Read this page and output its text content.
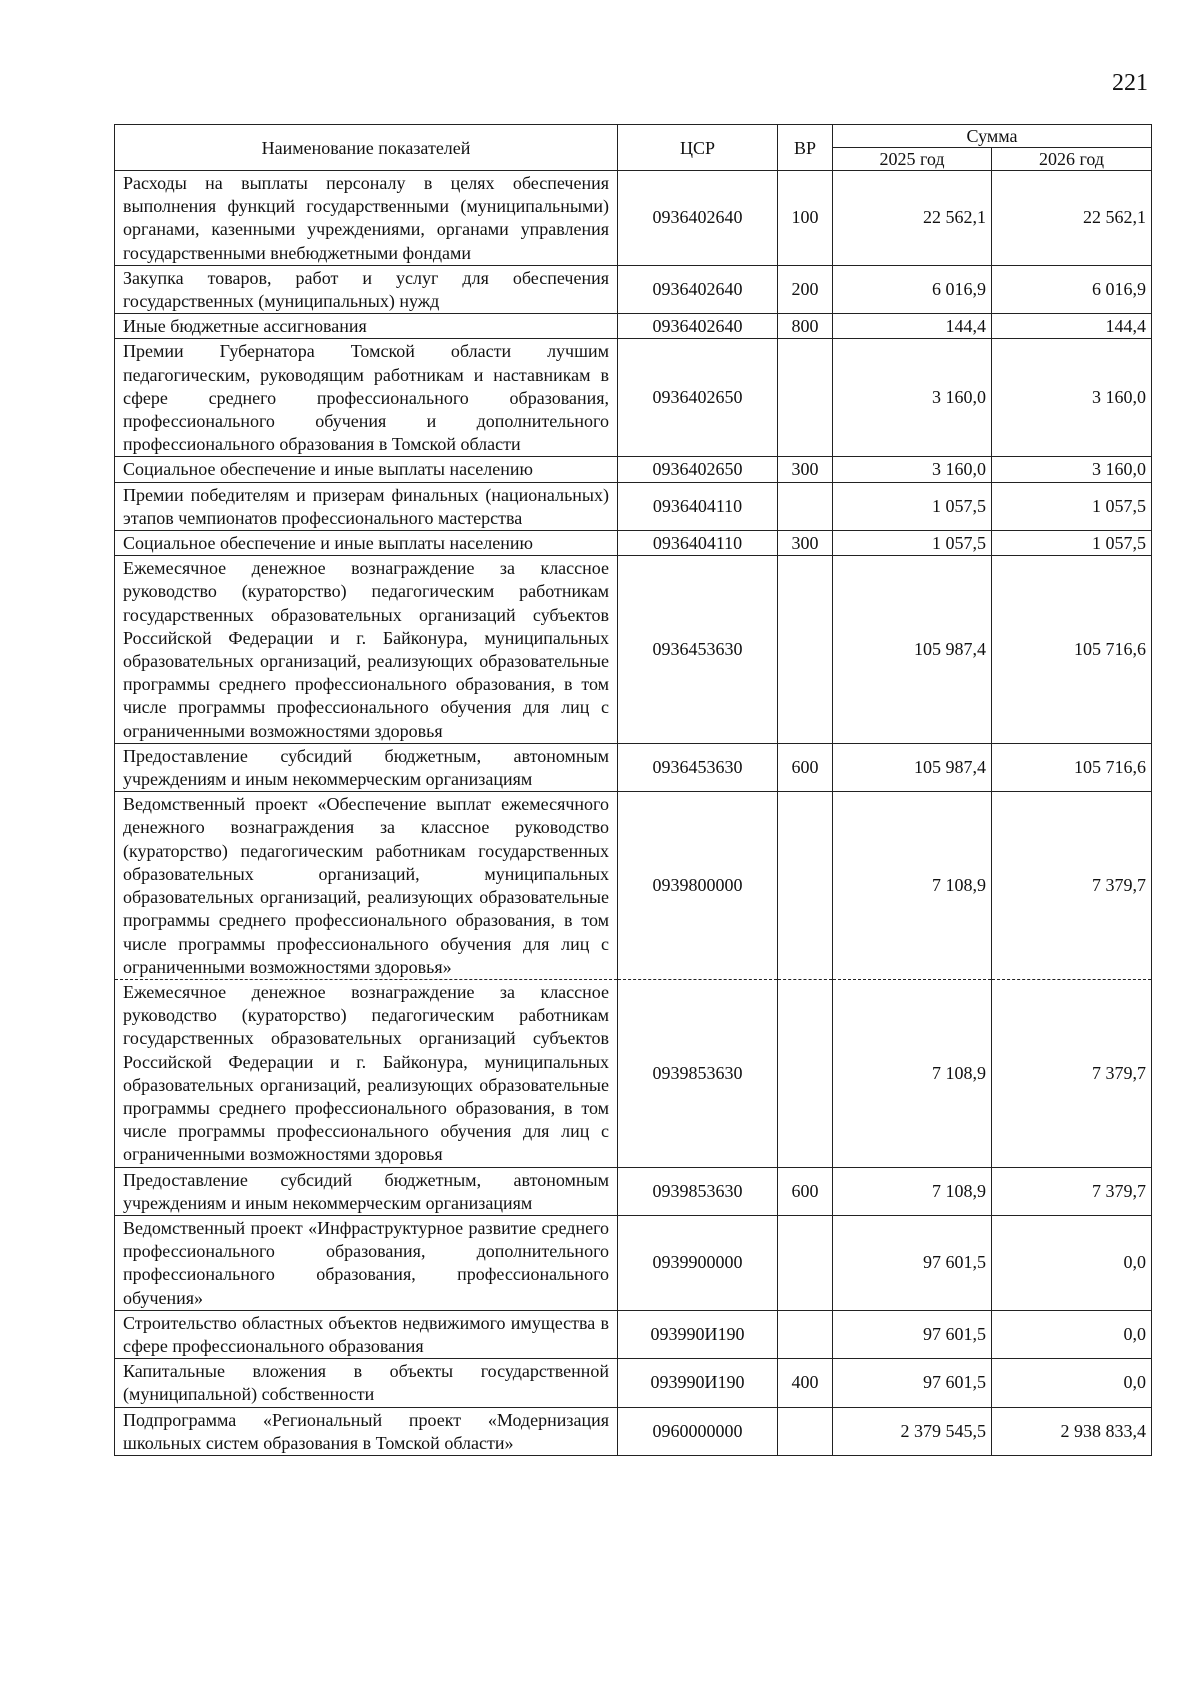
221
Наименование показателей	ЦСР	ВР	Сумма	
			2025 год	2026 год
Расходы на выплаты персоналу в целях обеспечения выполнения функций государственными (муниципальными) органами, казенными учреждениями, органами управления государственными внебюджетными фондами	0936402640	100	22 562,1	22 562,1
Закупка товаров, работ и услуг для обеспечения государственных (муниципальных) нужд	0936402640	200	6 016,9	6 016,9
Иные бюджетные ассигнования	0936402640	800	144,4	144,4
Премии Губернатора Томской области лучшим педагогическим, руководящим работникам и наставникам в сфере среднего профессионального образования, профессионального обучения и дополнительного профессионального образования в Томской области	0936402650		3 160,0	3 160,0
Социальное обеспечение и иные выплаты населению	0936402650	300	3 160,0	3 160,0
Премии победителям и призерам финальных (национальных) этапов чемпионатов профессионального мастерства	0936404110		1 057,5	1 057,5
Социальное обеспечение и иные выплаты населению	0936404110	300	1 057,5	1 057,5
Ежемесячное денежное вознаграждение за классное руководство (кураторство) педагогическим работникам государственных образовательных организаций субъектов Российской Федерации и г. Байконура, муниципальных образовательных организаций, реализующих образовательные программы среднего профессионального образования, в том числе программы профессионального обучения для лиц с ограниченными возможностями здоровья	0936453630		105 987,4	105 716,6
Предоставление субсидий бюджетным, автономным учреждениям и иным некоммерческим организациям	0936453630	600	105 987,4	105 716,6
Ведомственный проект «Обеспечение выплат ежемесячного денежного вознаграждения за классное руководство (кураторство) педагогическим работникам государственных образовательных организаций, муниципальных образовательных организаций, реализующих образовательные программы среднего профессионального образования, в том числе программы профессионального обучения для лиц с ограниченными возможностями здоровья»	0939800000		7 108,9	7 379,7
Ежемесячное денежное вознаграждение за классное руководство (кураторство) педагогическим работникам государственных образовательных организаций субъектов Российской Федерации и г. Байконура, муниципальных образовательных организаций, реализующих образовательные программы среднего профессионального образования, в том числе программы профессионального обучения для лиц с ограниченными возможностями здоровья	0939853630		7 108,9	7 379,7
Предоставление субсидий бюджетным, автономным учреждениям и иным некоммерческим организациям	0939853630	600	7 108,9	7 379,7
Ведомственный проект «Инфраструктурное развитие среднего профессионального образования, дополнительного профессионального образования, профессионального обучения»	0939900000		97 601,5	0,0
Строительство областных объектов недвижимого имущества в сфере профессионального образования	093990И190		97 601,5	0,0
Капитальные вложения в объекты государственной (муниципальной) собственности	093990И190	400	97 601,5	0,0
Подпрограмма «Региональный проект «Модернизация школьных систем образования в Томской области»	0960000000		2 379 545,5	2 938 833,4
